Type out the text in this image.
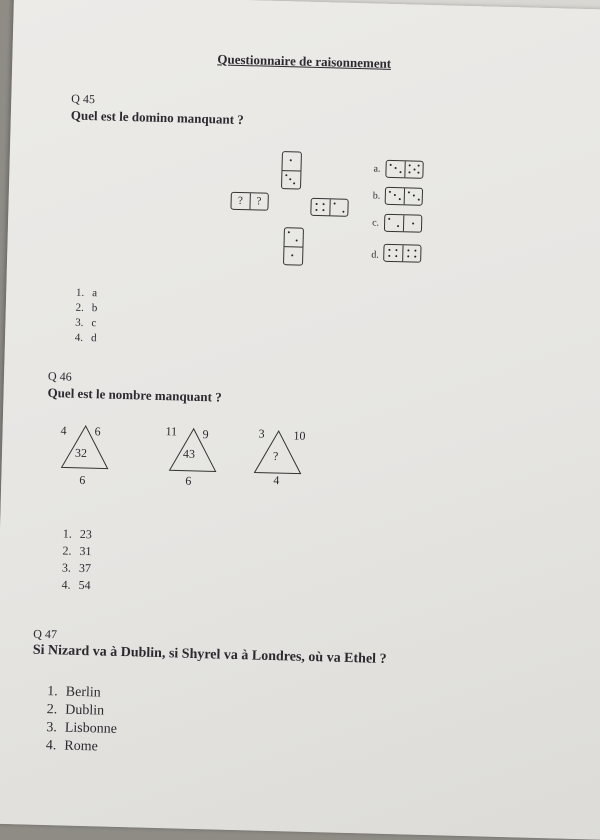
Questionnaire de raisonnement
Q 45
Quel est le domino manquant ?
?	?
a.
b.
c.
d.
1. a
2. b
3. c
4. d
Q 46
Quel est le nombre manquant ?
4 6
32
6
11 9
43
6
3 10
?
4
1. 23
2. 31
3. 37
4. 54
Q 47
Si Nizard va à Dublin, si Shyrel va à Londres, où va Ethel ?
1. Berlin
2. Dublin
3. Lisbonne
4. Rome
